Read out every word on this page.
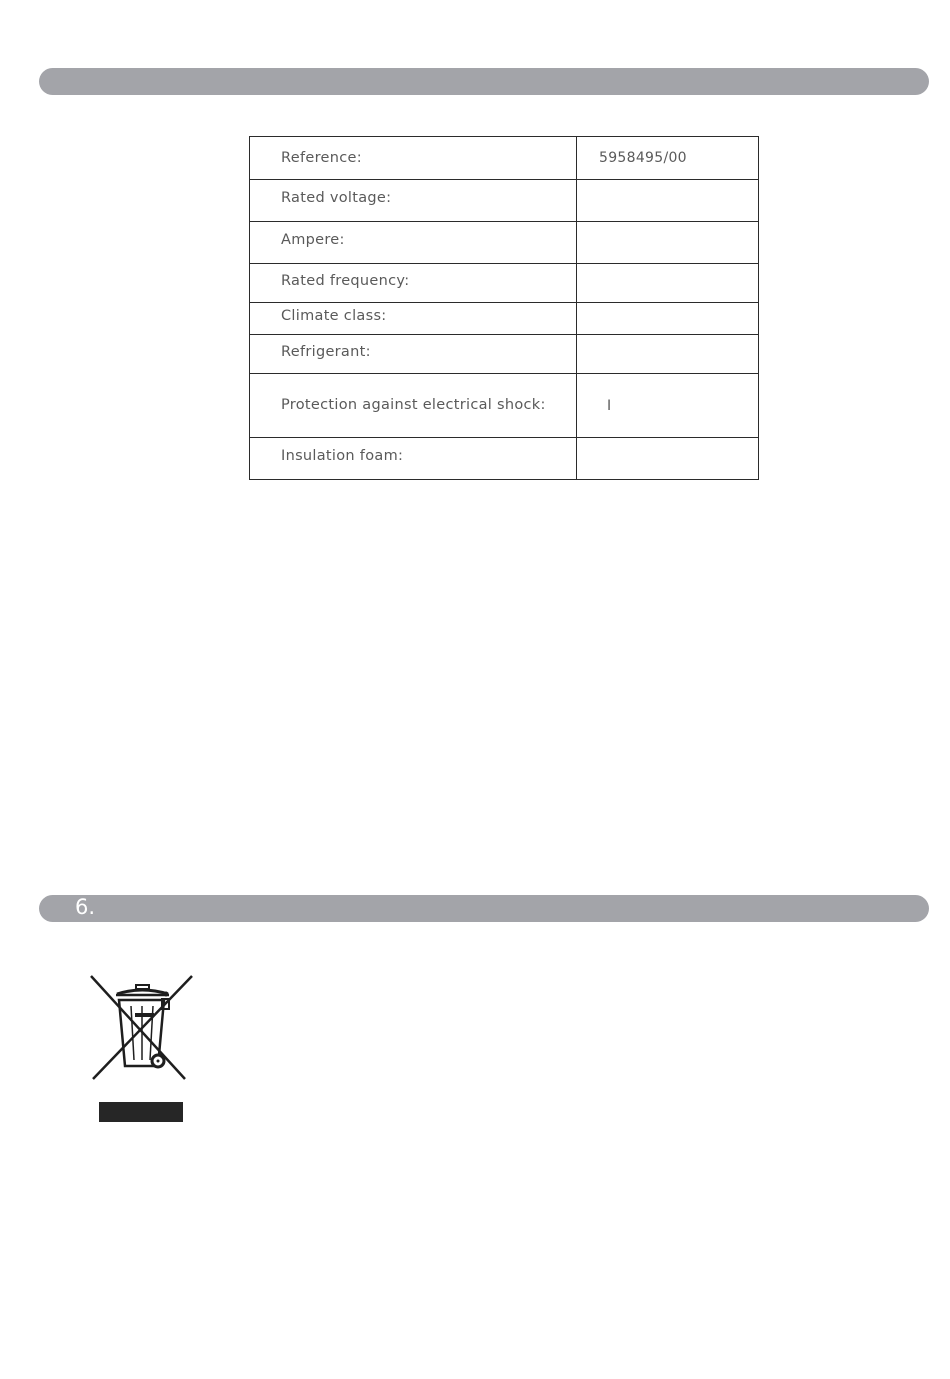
Reference:	5958495/00
Rated voltage:	
Ampere:	
Rated frequency:	
Climate class:	
Refrigerant:	
Protection against electrical shock:	I
Insulation foam:	
6.
